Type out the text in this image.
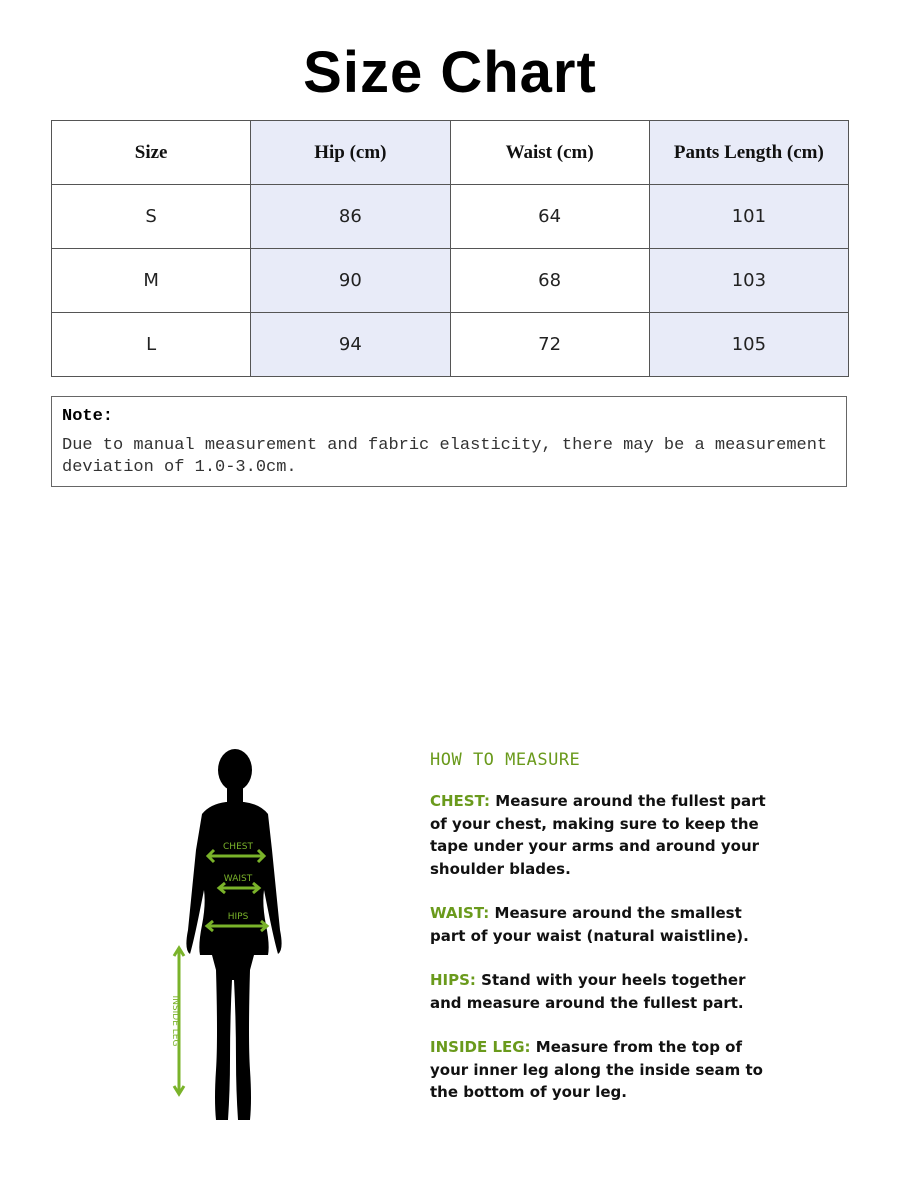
Size Chart
Size	Hip (cm)	Waist (cm)	Pants Length (cm)
S	86	64	101
M	90	68	103
L	94	72	105
Note:
Due to manual measurement and fabric elasticity, there may be a measurement deviation of 1.0-3.0cm.
CHEST
WAIST
HIPS
INSIDE LEG
HOW TO MEASURE
CHEST: Measure around the fullest part of your chest, making sure to keep the tape under your arms and around your shoulder blades.
WAIST: Measure around the smallest part of your waist (natural waistline).
HIPS: Stand with your heels together and measure around the fullest part.
INSIDE LEG: Measure from the top of your inner leg along the inside seam to the bottom of your leg.
